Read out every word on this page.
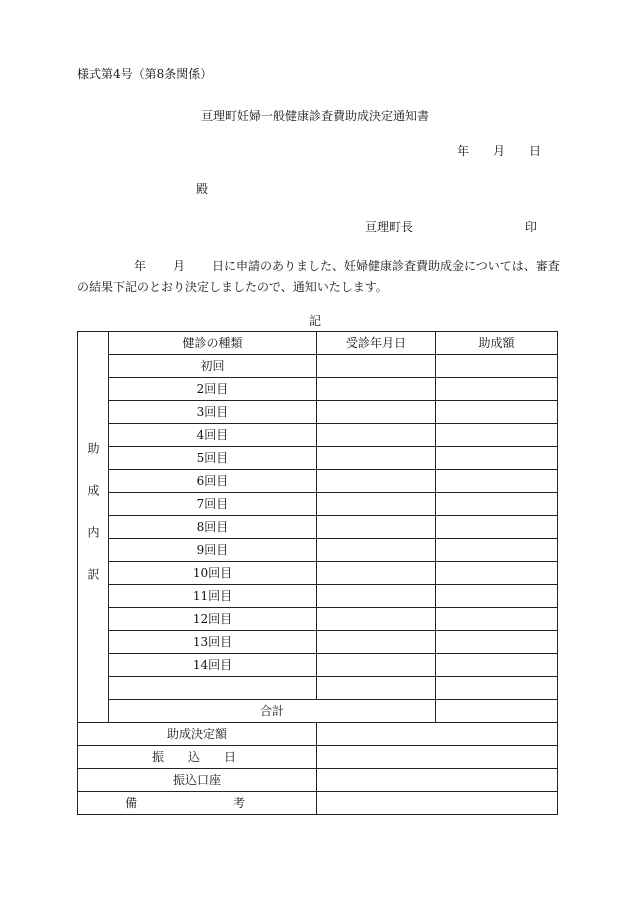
様式第4号（第8条関係）
亘理町妊婦一般健康診査費助成決定通知書
年 月 日
殿
亘理町長	印
年 月 日に申請のありました、妊婦健康診査費助成金については、審査の結果下記のとおり決定しましたので、通知いたします。
記
助成内訳	健診の種類	受診年月日	助成額
	初回		
	2回目		
	3回目		
	4回目		
	5回目		
	6回目		
	7回目		
	8回目		
	9回目		
	10回目		
	11回目		
	12回目		
	13回目		
	14回目		

	合計		
助成決定額			
振　込　日			
振込口座			
備　　考			
